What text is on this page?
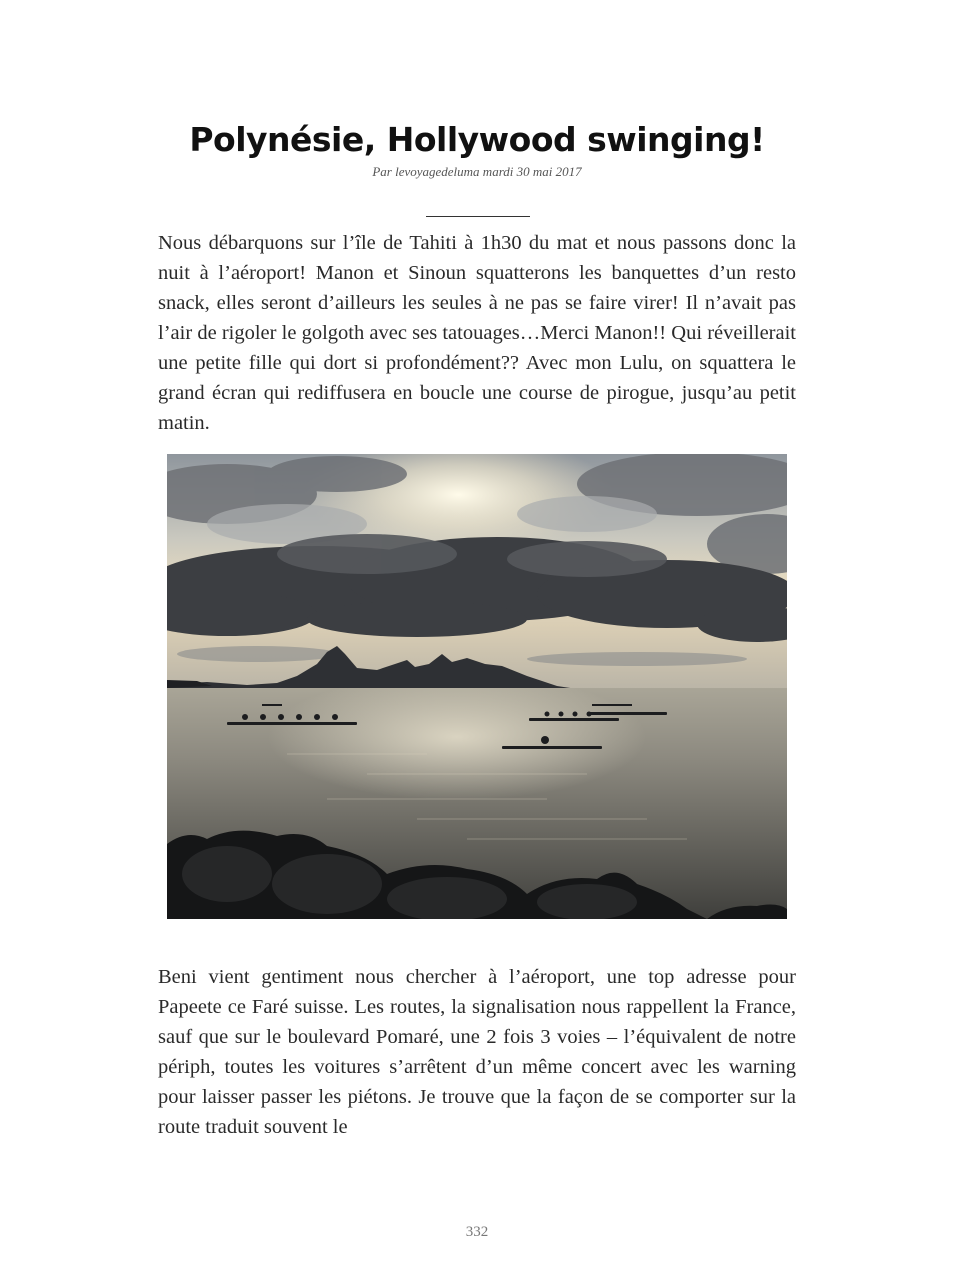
Polynésie, Hollywood swinging!
Par levoyagedeluma mardi 30 mai 2017

Nous débarquons sur l’île de Tahiti à 1h30 du mat et nous passons donc la nuit à l’aéroport! Manon et Sinoun squatterons les banquettes d’un resto snack, elles seront d’ailleurs les seules à ne pas se faire virer! Il n’avait pas l’air de rigoler le golgoth avec ses tatouages…Merci Manon!! Qui réveillerait une petite fille qui dort si profondément?? Avec mon Lulu, on squattera le grand écran qui rediffusera en boucle une course de pirogue, jusqu’au petit matin.

Beni vient gentiment nous chercher à l’aéroport, une top adresse pour Papeete ce Faré suisse. Les routes, la signalisation nous rappellent la France, sauf que sur le boulevard Pomaré, une 2 fois 3 voies – l’équivalent de notre périph, toutes les voitures s’arrêtent d’un même concert avec les warning pour laisser passer les piétons. Je trouve que la façon de se comporter sur la route traduit souvent le

332
